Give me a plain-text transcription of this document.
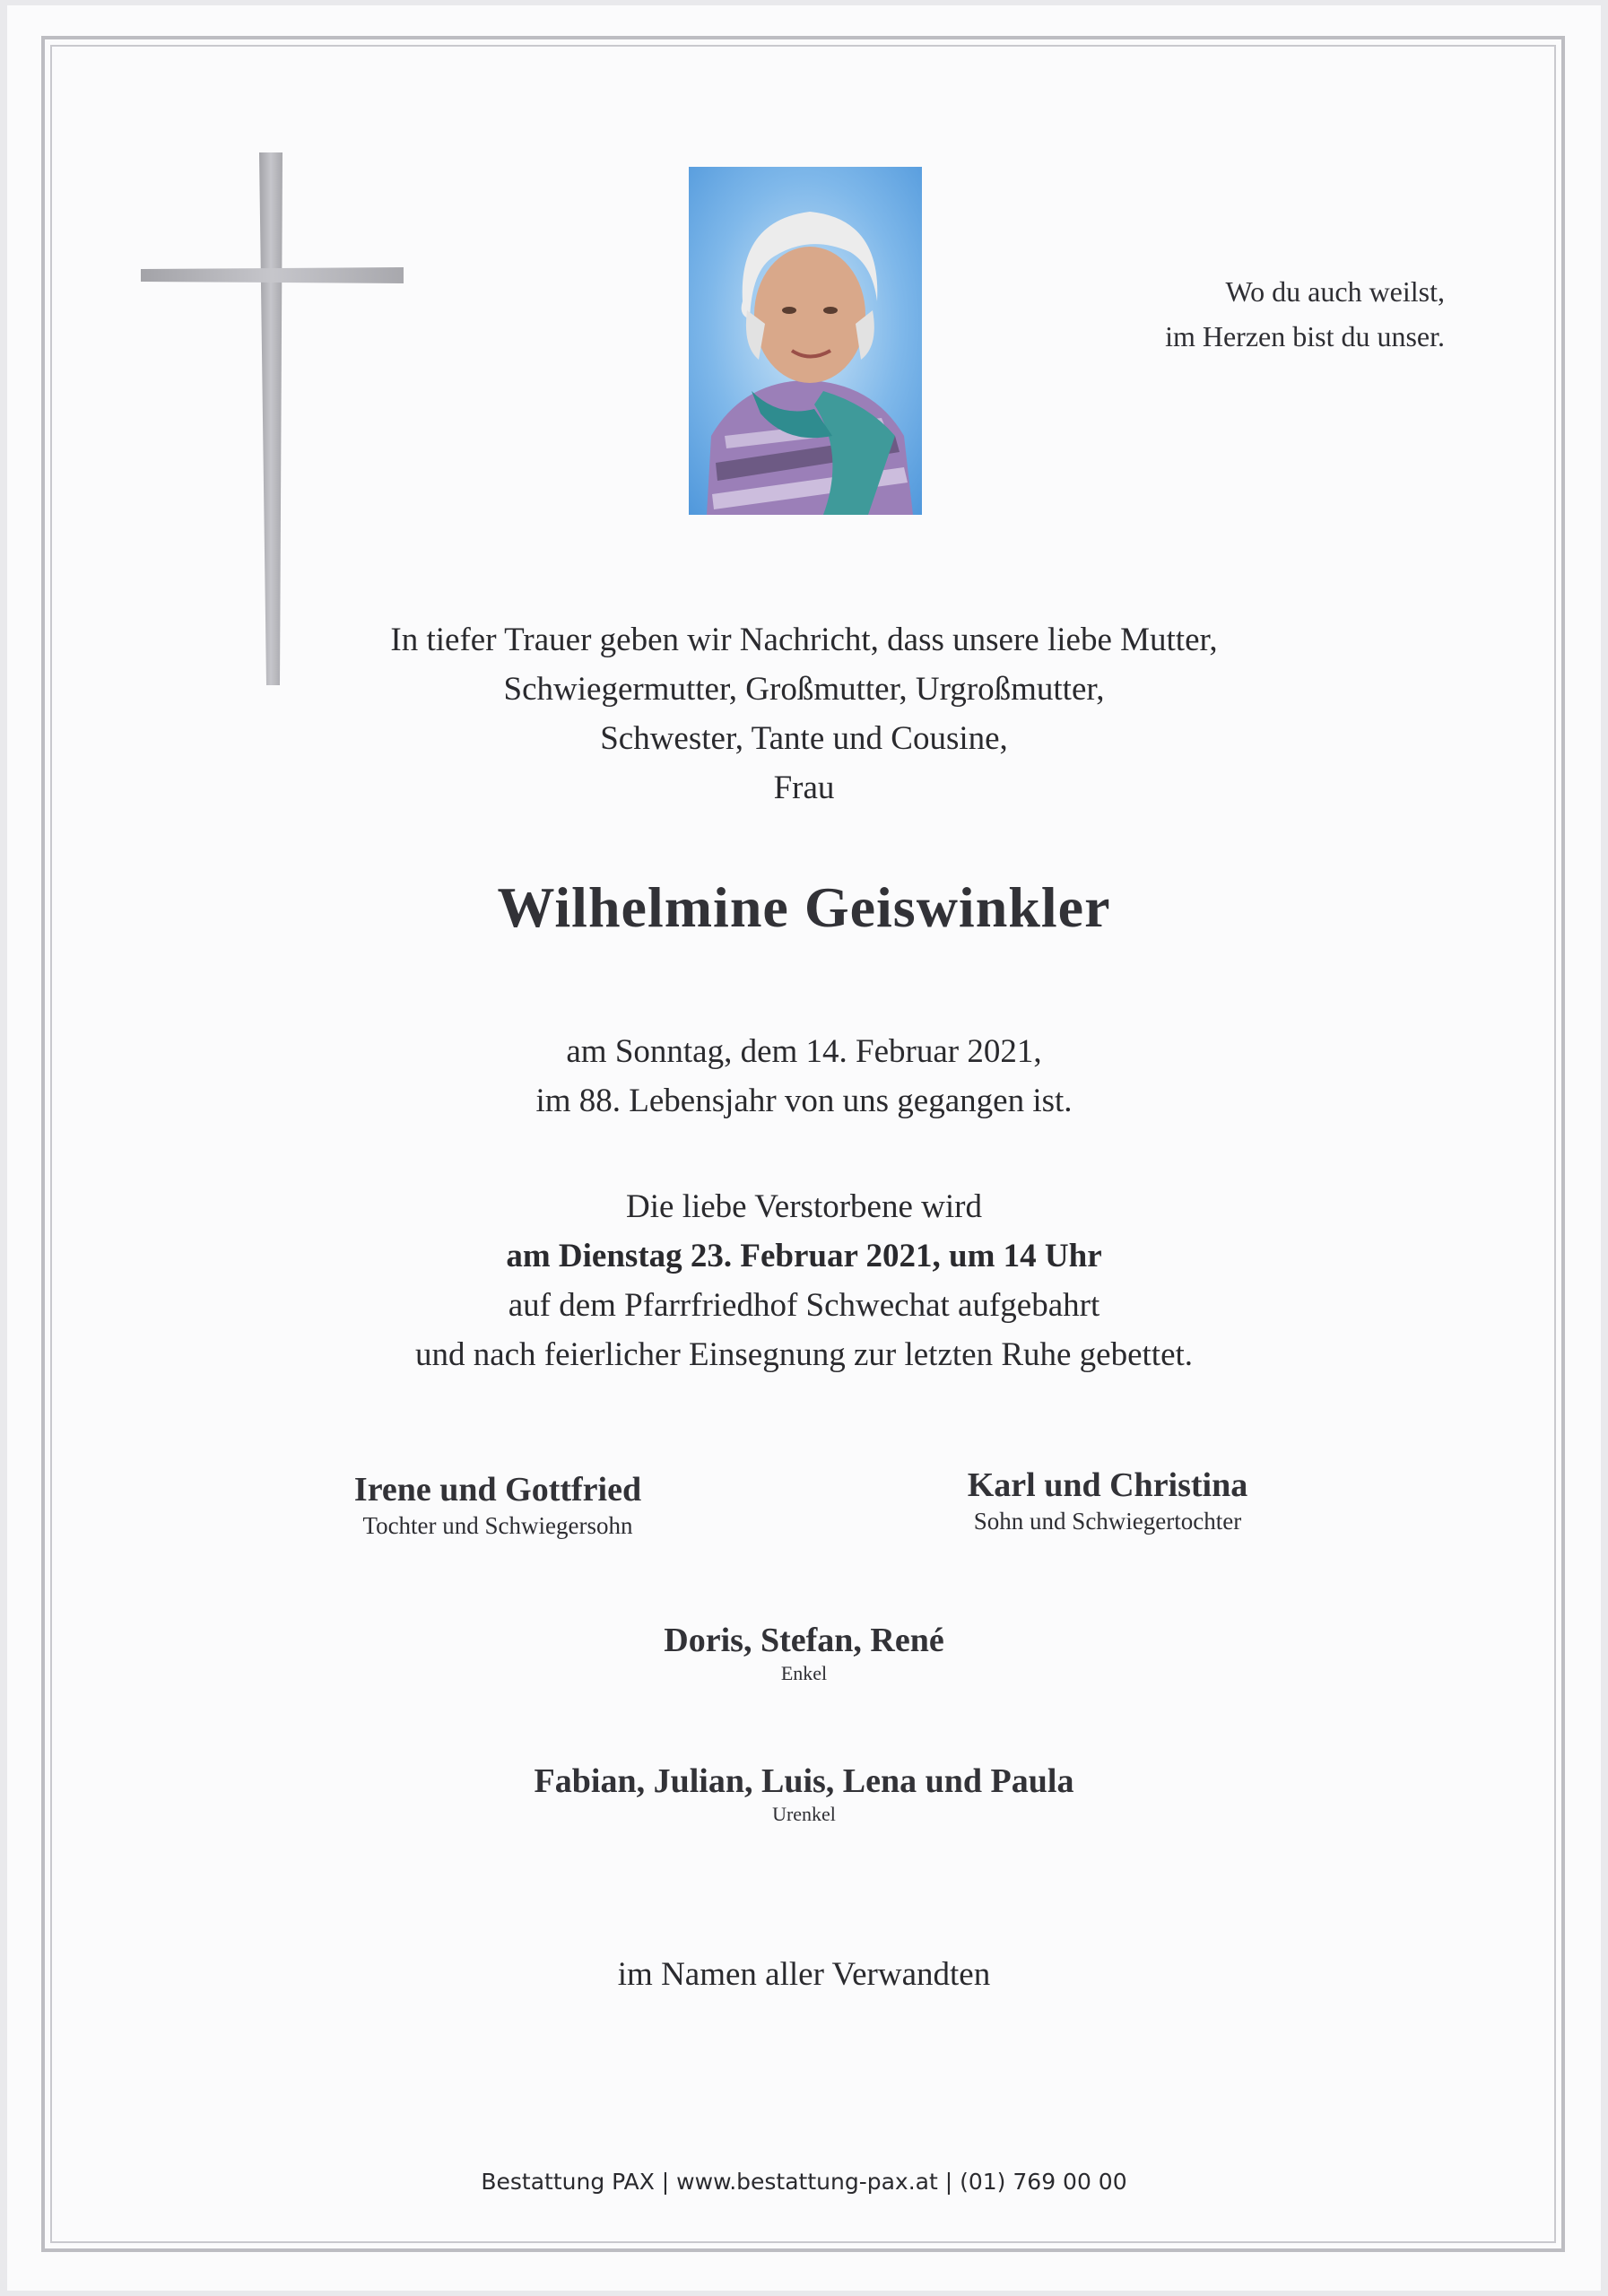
Wo du auch weilst,
im Herzen bist du unser.
In tiefer Trauer geben wir Nachricht, dass unsere liebe Mutter,
Schwiegermutter, Großmutter, Urgroßmutter,
Schwester, Tante und Cousine,
Frau
Wilhelmine Geiswinkler
am Sonntag, dem 14. Februar 2021,
im 88. Lebensjahr von uns gegangen ist.
Die liebe Verstorbene wird
am Dienstag 23. Februar 2021, um 14 Uhr
auf dem Pfarrfriedhof Schwechat aufgebahrt
und nach feierlicher Einsegnung zur letzten Ruhe gebettet.
Irene und Gottfried
Tochter und Schwiegersohn
Karl und Christina
Sohn und Schwiegertochter
Doris, Stefan, René
Enkel
Fabian, Julian, Luis, Lena und Paula
Urenkel
im Namen aller Verwandten
Bestattung PAX | www.bestattung-pax.at | (01) 769 00 00
